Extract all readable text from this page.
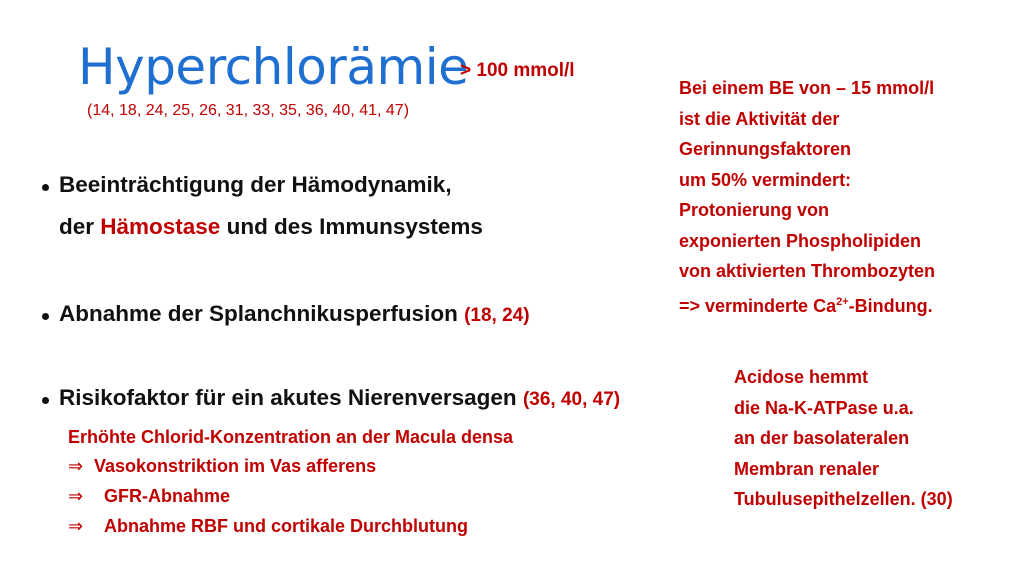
Hyperchlorämie
> 100 mmol/l
(14, 18, 24, 25, 26, 31, 33, 35, 36, 40, 41, 47)
Beeinträchtigung der Hämodynamik,
der Hämostase und des Immunsystems
Abnahme der Splanchnikusperfusion (18, 24)
Risikofaktor für ein akutes Nierenversagen (36, 40, 47)
Erhöhte Chlorid-Konzentration an der Macula densa
⇒ Vasokonstriktion im Vas afferens
⇒ GFR-Abnahme
⇒ Abnahme RBF und cortikale Durchblutung
Bei einem BE von – 15 mmol/l
ist die Aktivität der
Gerinnungsfaktoren
um 50% vermindert:
Protonierung von
exponierten Phospholipiden
von aktivierten Thrombozyten
=> verminderte $Ca^{2+}$-Bindung.
Acidose hemmt
die Na-K-ATPase u.a.
an der basolateralen
Membran renaler
Tubulusepithelzellen. (30)
